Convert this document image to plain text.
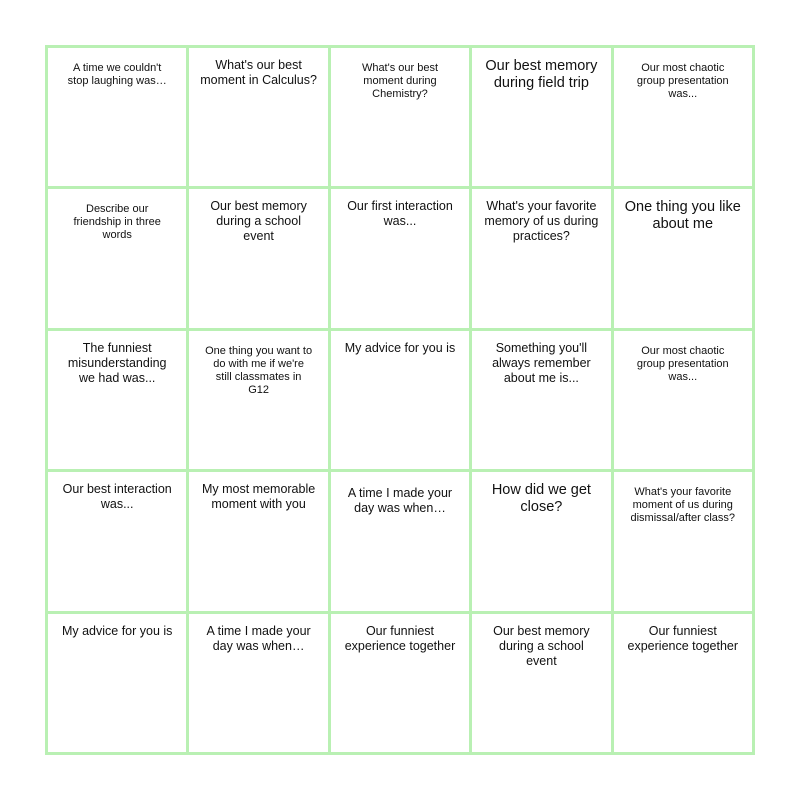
A time we couldn't stop laughing was…
What's our best moment in Calculus?
What's our best moment during Chemistry?
Our best memory during field trip
Our most chaotic group presentation was...
Describe our friendship in three words
Our best memory during a school event
Our first interaction was...
What's your favorite memory of us during practices?
One thing you like about me
The funniest misunderstanding we had was...
One thing you want to do with me if we're still classmates in G12
My advice for you is	Something you'll always remember about me is...
Our most chaotic group presentation was...
Our best interaction was...
My most memorable moment with you
A time I made your day was when…
How did we get close?
What's your favorite moment of us during dismissal/after class?
My advice for you is	A time I made your day was when…
Our funniest experience together
Our best memory during a school event
Our funniest experience together
